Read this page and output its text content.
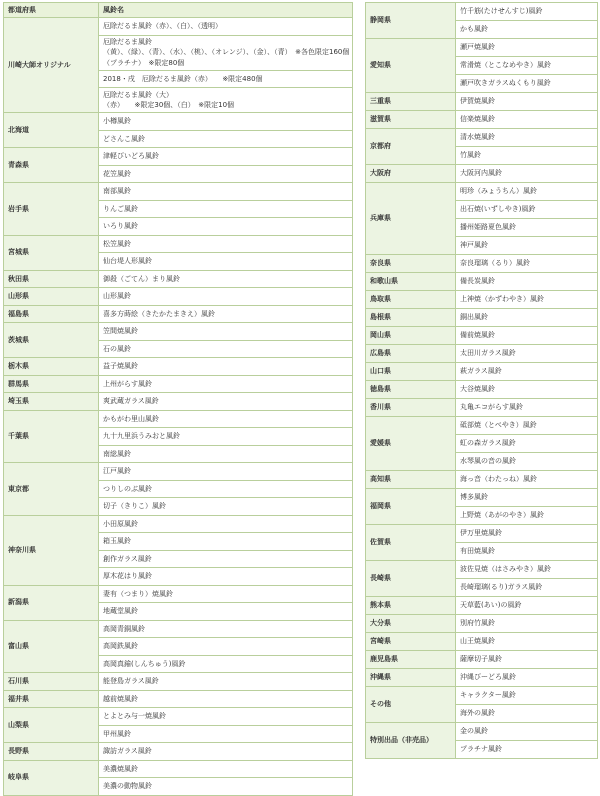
都道府県	風鈴名
川崎大師オリジナル	厄除だるま風鈴（赤）、（白）、（透明）

	厄除だるま風鈴
（黄）、（緑）、（青）、（水）、（桃）、（オレンジ）、（金）、（青）　※各色限定160個
（プラチナ）　※限定80個

	2018・戌　厄除だるま風鈴（赤）　　※限定480個

	厄除だるま風鈴（大）
（赤）　　※限定30個、（白）　※限定10個

北海道	小樽風鈴

	どさんこ風鈴

青森県	津軽びいどろ風鈴

	花笠風鈴

岩手県	南部風鈴

	りんご風鈴

	いろり風鈴

宮城県	松笠風鈴

	仙台堤人形風鈴

秋田県	御殺（ごてん）まり風鈴

山形県	山形風鈴

福島県	喜多方蒔絵（きたかたまきえ）風鈴

茨城県	笠間焼風鈴

	石の風鈴

栃木県	益子焼風鈴

群馬県	上州がらす風鈴

埼玉県	爽武蔵ガラス風鈴

千葉県	かもがわ里山風鈴

	九十九里浜うみおと風鈴

	南総風鈴

東京都	江戸風鈴

	つりしのぶ風鈴

	切子（きりこ）風鈴

神奈川県	小田原風鈴

	箱玉風鈴

	創作ガラス風鈴

	厚木花はり風鈴

新潟県	妻有（つまり）焼風鈴

	地蔵堂風鈴

富山県	高岡青銅風鈴

	高岡鉄風鈴

	高岡真鍮(しんちゅう)風鈴

石川県	能登島ガラス風鈴

福井県	越前焼風鈴

山梨県	とよとみ与一焼風鈴

	甲州風鈴

長野県	諏訪ガラス風鈴

岐阜県	美濃焼風鈴

	美濃の動物風鈴
静岡県	竹千筋(たけせんすじ)風鈴

	かも風鈴

愛知県	瀬戸焼風鈴

	常滑焼（とこなめやき）風鈴

	瀬戸吹きガラスぬくもり風鈴

三重県	伊賀焼風鈴

滋賀県	信楽焼風鈴

京都府	清水焼風鈴

	竹風鈴

大阪府	大阪河内風鈴

兵庫県	明珍（みょうちん）風鈴

	出石焼(いずしやき)風鈴

	播州姫路夏色風鈴

	神戸風鈴

奈良県	奈良瑠璃（るり）風鈴

和歌山県	備長炭風鈴

鳥取県	上神焼（かずわやき）風鈴

島根県	銅出風鈴

岡山県	備前焼風鈴

広島県	太田川ガラス風鈴

山口県	萩ガラス風鈴

徳島県	大谷焼風鈴

香川県	丸亀エコがらす風鈴

愛媛県	砥部焼（とべやき）風鈴

	虹の森ガラス風鈴

	水琴風の音の風鈴

高知県	海っ音（わたっね）風鈴

福岡県	博多風鈴

	上野焼（あがのやき）風鈴

佐賀県	伊万里焼風鈴

	有田焼風鈴

長崎県	波佐見焼（はさみやき）風鈴

	長崎瑠璃(るり)ガラス風鈴

熊本県	天草藍(あい)の風鈴

大分県	別府竹風鈴

宮崎県	山王焼風鈴

鹿児島県	薩摩切子風鈴

沖縄県	沖縄びーどろ風鈴

その他	キャラクター風鈴

	海外の風鈴

特別出品（非売品）	金の風鈴

	プラチナ風鈴
